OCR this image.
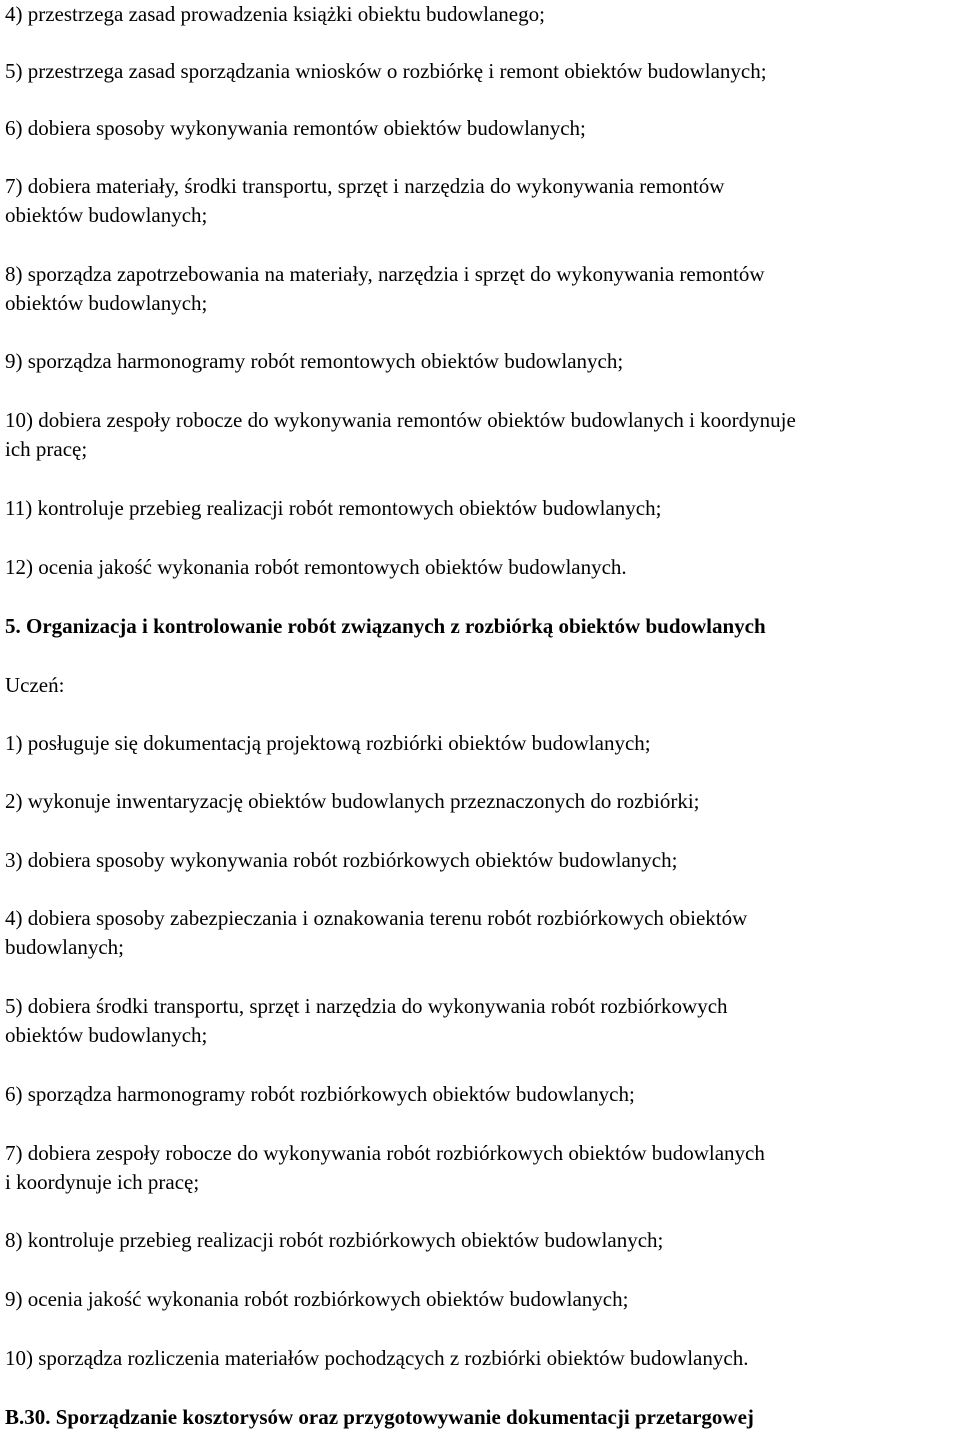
4) przestrzega zasad prowadzenia książki obiektu budowlanego;
5) przestrzega zasad sporządzania wniosków o rozbiórkę i remont obiektów budowlanych;
6) dobiera sposoby wykonywania remontów obiektów budowlanych;
7) dobiera materiały, środki transportu, sprzęt i narzędzia do wykonywania remontów
obiektów budowlanych;
8) sporządza zapotrzebowania na materiały, narzędzia i sprzęt do wykonywania remontów
obiektów budowlanych;
9) sporządza harmonogramy robót remontowych obiektów budowlanych;
10) dobiera zespoły robocze do wykonywania remontów obiektów budowlanych i koordynuje
ich pracę;
11) kontroluje przebieg realizacji robót remontowych obiektów budowlanych;
12) ocenia jakość wykonania robót remontowych obiektów budowlanych.
5. Organizacja i kontrolowanie robót związanych z rozbiórką obiektów budowlanych
Uczeń:
1) posługuje się dokumentacją projektową rozbiórki obiektów budowlanych;
2) wykonuje inwentaryzację obiektów budowlanych przeznaczonych do rozbiórki;
3) dobiera sposoby wykonywania robót rozbiórkowych obiektów budowlanych;
4) dobiera sposoby zabezpieczania i oznakowania terenu robót rozbiórkowych obiektów
budowlanych;
5) dobiera środki transportu, sprzęt i narzędzia do wykonywania robót rozbiórkowych
obiektów budowlanych;
6) sporządza harmonogramy robót rozbiórkowych obiektów budowlanych;
7) dobiera zespoły robocze do wykonywania robót rozbiórkowych obiektów budowlanych
i koordynuje ich pracę;
8) kontroluje przebieg realizacji robót rozbiórkowych obiektów budowlanych;
9) ocenia jakość wykonania robót rozbiórkowych obiektów budowlanych;
10) sporządza rozliczenia materiałów pochodzących z rozbiórki obiektów budowlanych.
B.30. Sporządzanie kosztorysów oraz przygotowywanie dokumentacji przetargowej
